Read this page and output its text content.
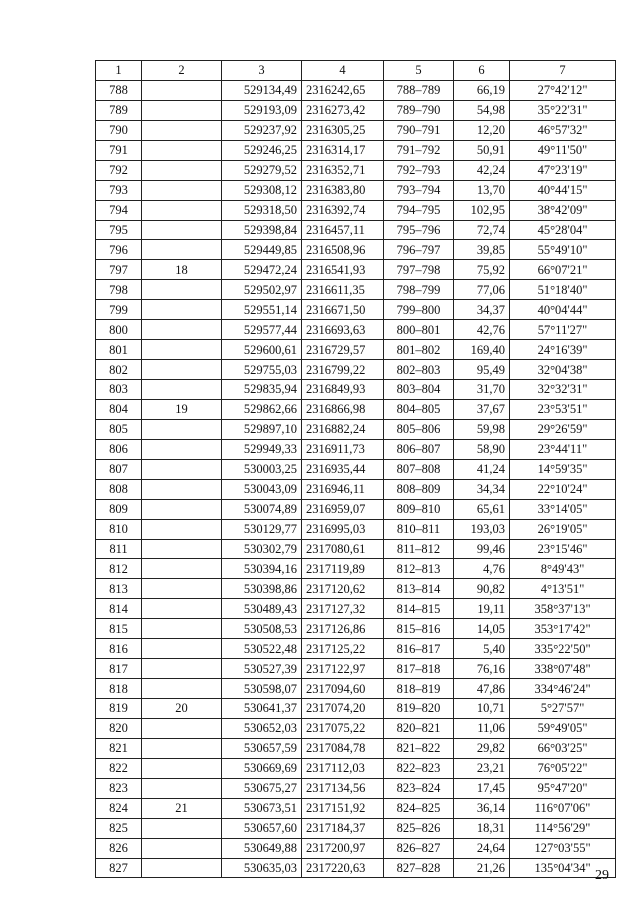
1	2	3	4	5	6	7
788		529134,49	2316242,65	788–789	66,19	27°42'12"
789		529193,09	2316273,42	789–790	54,98	35°22'31"
790		529237,92	2316305,25	790–791	12,20	46°57'32"
791		529246,25	2316314,17	791–792	50,91	49°11'50"
792		529279,52	2316352,71	792–793	42,24	47°23'19"
793		529308,12	2316383,80	793–794	13,70	40°44'15"
794		529318,50	2316392,74	794–795	102,95	38°42'09"
795		529398,84	2316457,11	795–796	72,74	45°28'04"
796		529449,85	2316508,96	796–797	39,85	55°49'10"
797	18	529472,24	2316541,93	797–798	75,92	66°07'21"
798		529502,97	2316611,35	798–799	77,06	51°18'40"
799		529551,14	2316671,50	799–800	34,37	40°04'44"
800		529577,44	2316693,63	800–801	42,76	57°11'27"
801		529600,61	2316729,57	801–802	169,40	24°16'39"
802		529755,03	2316799,22	802–803	95,49	32°04'38"
803		529835,94	2316849,93	803–804	31,70	32°32'31"
804	19	529862,66	2316866,98	804–805	37,67	23°53'51"
805		529897,10	2316882,24	805–806	59,98	29°26'59"
806		529949,33	2316911,73	806–807	58,90	23°44'11"
807		530003,25	2316935,44	807–808	41,24	14°59'35"
808		530043,09	2316946,11	808–809	34,34	22°10'24"
809		530074,89	2316959,07	809–810	65,61	33°14'05"
810		530129,77	2316995,03	810–811	193,03	26°19'05"
811		530302,79	2317080,61	811–812	99,46	23°15'46"
812		530394,16	2317119,89	812–813	4,76	8°49'43"
813		530398,86	2317120,62	813–814	90,82	4°13'51"
814		530489,43	2317127,32	814–815	19,11	358°37'13"
815		530508,53	2317126,86	815–816	14,05	353°17'42"
816		530522,48	2317125,22	816–817	5,40	335°22'50"
817		530527,39	2317122,97	817–818	76,16	338°07'48"
818		530598,07	2317094,60	818–819	47,86	334°46'24"
819	20	530641,37	2317074,20	819–820	10,71	5°27'57"
820		530652,03	2317075,22	820–821	11,06	59°49'05"
821		530657,59	2317084,78	821–822	29,82	66°03'25"
822		530669,69	2317112,03	822–823	23,21	76°05'22"
823		530675,27	2317134,56	823–824	17,45	95°47'20"
824	21	530673,51	2317151,92	824–825	36,14	116°07'06"
825		530657,60	2317184,37	825–826	18,31	114°56'29"
826		530649,88	2317200,97	826–827	24,64	127°03'55"
827		530635,03	2317220,63	827–828	21,26	135°04'34"
29
